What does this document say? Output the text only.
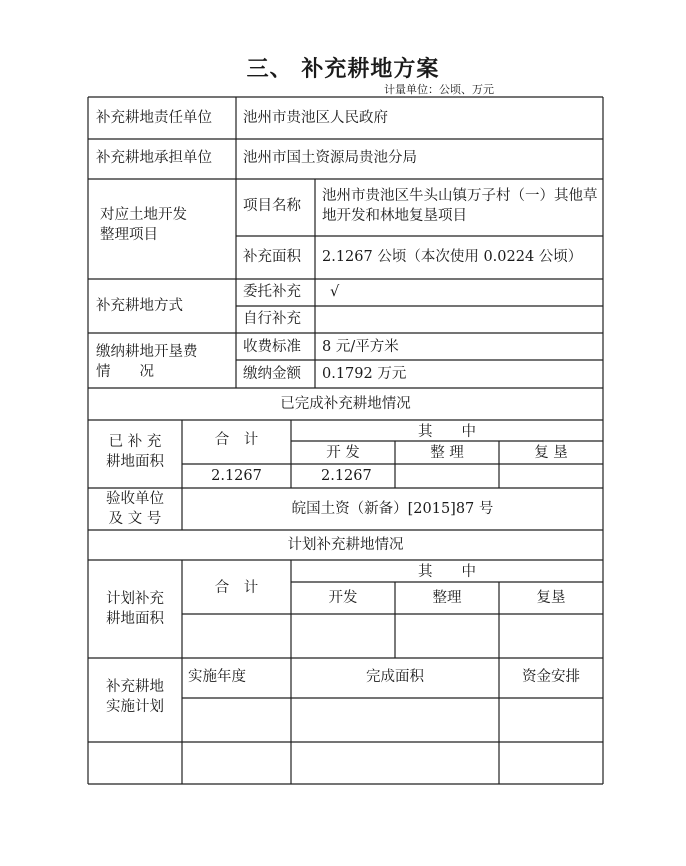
三、 补充耕地方案
计量单位：公顷、万元
补充耕地责任单位 池州市贵池区人民政府
补充耕地承担单位 池州市国土资源局贵池分局
对应土地开发
整理项目
项目名称
池州市贵池区牛头山镇万子村（一）其他草地开发和林地复垦项目
补充面积 2.1267 公顷（本次使用 0.0224 公顷）
补充耕地方式
委托补充 √
自行补充
缴纳耕地开垦费
情　　况
收费标准 8 元/平方米
缴纳金额 0.1792 万元
已完成补充耕地情况
已 补 充
耕地面积
合　计	其　　中
开 发	整 理	复 垦
2.1267	2.1267
验收单位
及 文 号
皖国土资（新备）[2015]87 号
计划补充耕地情况
计划补充
耕地面积
合　计
其　　中
开发	整理	复垦
补充耕地
实施计划
实施年度	完成面积	资金安排
